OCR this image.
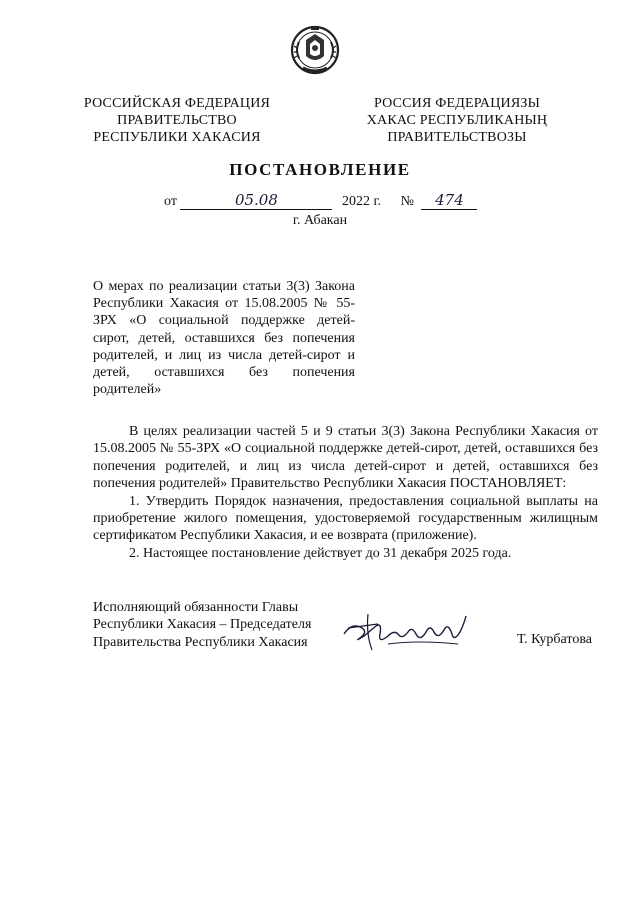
РОССИЙСКАЯ ФЕДЕРАЦИЯ
ПРАВИТЕЛЬСТВО
РЕСПУБЛИКИ ХАКАСИЯ
РОССИЯ ФЕДЕРАЦИЯЗЫ
ХАКАС РЕСПУБЛИКАНЫҢ
ПРАВИТЕЛЬСТВОЗЫ
ПОСТАНОВЛЕНИЕ
от	05.08	2022 г. № 474
г. Абакан
О мерах по реализации статьи 3(3) Закона Республики Хакасия от 15.08.2005 № 55-ЗРХ «О социальной поддержке детей-сирот, детей, оставшихся без попечения родителей, и лиц из числа детей-сирот и детей, оставшихся без попечения родителей»

В целях реализации частей 5 и 9 статьи 3(3) Закона Республики Хакасия от 15.08.2005 № 55-ЗРХ «О социальной поддержке детей-сирот, детей, оставшихся без попечения родителей, и лиц из числа детей-сирот и детей, оставшихся без попечения родителей» Правительство Республики Хакасия ПОСТАНОВЛЯЕТ:

1. Утвердить Порядок назначения, предоставления социальной выплаты на приобретение жилого помещения, удостоверяемой государственным жилищным сертификатом Республики Хакасия, и ее возврата (приложение).

2. Настоящее постановление действует до 31 декабря 2025 года.

Исполняющий обязанности Главы
Республики Хакасия – Председателя
Правительства Республики Хакасия	Т. Курбатова
